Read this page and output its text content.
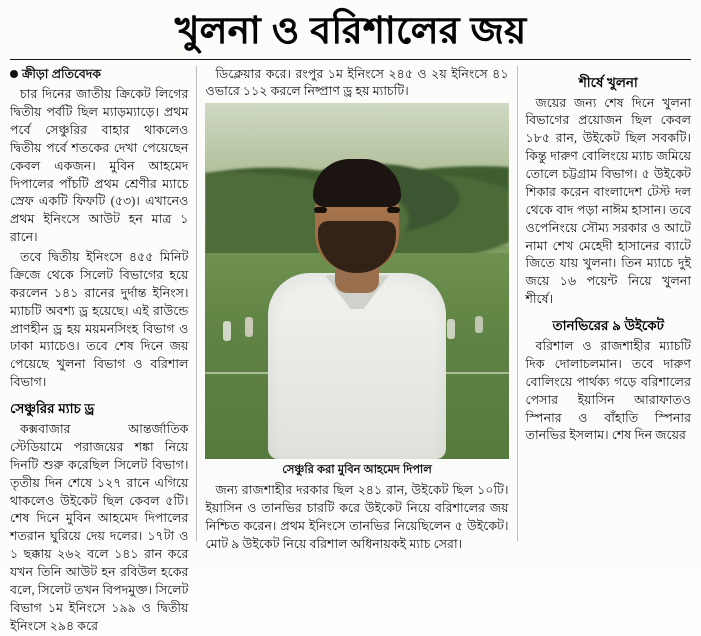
খুলনা ও বরিশালের জয়
ক্রীড়া প্রতিবেদক

চার দিনের জাতীয় ক্রিকেট লিগের দ্বিতীয় পর্বটি ছিল ম্যাড়ম্যাড়ে। প্রথম পর্বে সেঞ্চুরির বাহার থাকলেও দ্বিতীয় পর্বে শতকের দেখা পেয়েছেন কেবল একজন। মুবিন আহমেদ দিপালের পাঁচটি প্রথম শ্রেণীর ম্যাচে স্রেফ একটি ফিফটি (৫৩)। এখানেও প্রথম ইনিংসে আউট হন মাত্র ১ রানে।

তবে দ্বিতীয় ইনিংসে ৪৫৫ মিনিট ক্রিজে থেকে সিলেট বিভাগের হয়ে করলেন ১৪১ রানের দুর্দান্ত ইনিংস। ম্যাচটি অবশ্য ড্র হয়েছে। এই রাউন্ডে প্রাণহীন ড্র হয় ময়মনসিংহ বিভাগ ও ঢাকা ম্যাচেও। তবে শেষ দিনে জয় পেয়েছে খুলনা বিভাগ ও বরিশাল বিভাগ।

সেঞ্চুরির ম্যাচ ড্র

কক্সবাজার আন্তর্জাতিক স্টেডিয়ামে পরাজয়ের শঙ্কা নিয়ে দিনটি শুরু করেছিল সিলেট বিভাগ। তৃতীয় দিন শেষে ১২৭ রানে এগিয়ে থাকলেও উইকেট ছিল কেবল ৫টি। শেষ দিনে মুবিন আহমেদ দিপালের শতরান ঘুরিয়ে দেয় দলের। ১৭টা ও ১ ছক্কায় ২৬২ বলে ১৪১ রান করে যখন তিনি আউট হন রবিউল হকের বলে, সিলেট তখন বিপদমুক্ত। সিলেট বিভাগ ১ম ইনিংসে ১৯৯ ও দ্বিতীয় ইনিংসে ২৯৪ করে

ডিক্লেয়ার করে। রংপুর ১ম ইনিংসে ২৪৫ ও ২য় ইনিংসে ৪১ ওভারে ১১২ করলে নিষ্প্রাণ ড্র হয় ম্যাচটি।

সেঞ্চুরি করা মুবিন আহমেদ দিপাল

জন্য রাজশাহীর দরকার ছিল ২৪১ রান, উইকেট ছিল ১০টি। ইয়াসিন ও তানভির চারটি করে উইকেট নিয়ে বরিশালের জয় নিশ্চিত করেন। প্রথম ইনিংসে তানভির নিয়েছিলেন ৫ উইকেট। মোট ৯ উইকেট নিয়ে বরিশাল অধিনায়কই ম্যাচ সেরা।

শীর্ষে খুলনা

জয়ের জন্য শেষ দিনে খুলনা বিভাগের প্রয়োজন ছিল কেবল ১৮৫ রান, উইকেট ছিল সবকটি। কিন্তু দারুণ বোলিংয়ে ম্যাচ জমিয়ে তোলে চট্টগ্রাম বিভাগ। ৫ উইকেট শিকার করেন বাংলাদেশ টেস্ট দল থেকে বাদ পড়া নাঈম হাসান। তবে ওপেনিংয়ে সৌম্য সরকার ও আটে নামা শেখ মেহেদী হাসানের ব্যাটে জিতে যায় খুলনা। তিন ম্যাচে দুই জয়ে ১৬ পয়েন্ট নিয়ে খুলনা শীর্ষে।

তানভিরের ৯ উইকেট

বরিশাল ও রাজশাহীর ম্যাচটি দিক দোলাচলমান। তবে দারুণ বোলিংয়ে পার্থক্য গড়ে বরিশালের পেসার ইয়াসিন আরাফাতও স্পিনার ও বাঁহাতি স্পিনার তানভির ইসলাম। শেষ দিন জয়ের
